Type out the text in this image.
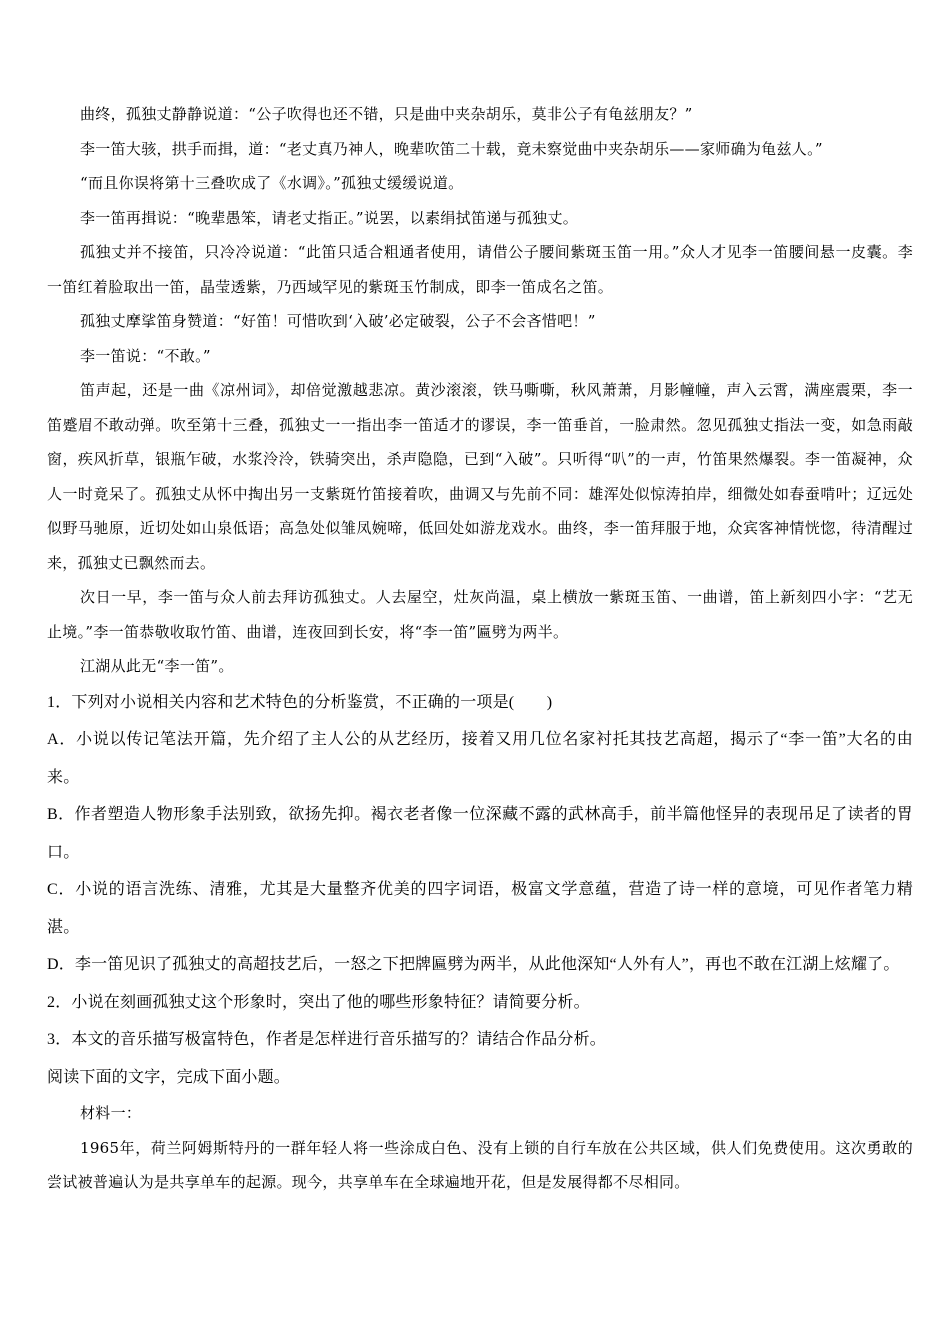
曲终，孤独丈静静说道：“公子吹得也还不错，只是曲中夹杂胡乐，莫非公子有龟兹朋友？”

李一笛大骇，拱手而揖，道：“老丈真乃神人，晚辈吹笛二十载，竟未察觉曲中夹杂胡乐——家师确为龟兹人。”

“而且你误将第十三叠吹成了《水调》。”孤独丈缓缓说道。

李一笛再揖说：“晚辈愚笨，请老丈指正。”说罢，以素绢拭笛递与孤独丈。

孤独丈并不接笛，只冷冷说道：“此笛只适合粗通者使用，请借公子腰间紫斑玉笛一用。”众人才见李一笛腰间悬一皮囊。李一笛红着脸取出一笛，晶莹透紫，乃西域罕见的紫斑玉竹制成，即李一笛成名之笛。

孤独丈摩挲笛身赞道：“好笛！可惜吹到‘入破’必定破裂，公子不会吝惜吧！”

李一笛说：“不敢。”

笛声起，还是一曲《凉州词》，却倍觉激越悲凉。黄沙滚滚，铁马嘶嘶，秋风萧萧，月影幢幢，声入云霄，满座震栗，李一笛蹙眉不敢动弹。吹至第十三叠，孤独丈一一指出李一笛适才的谬误，李一笛垂首，一脸肃然。忽见孤独丈指法一变，如急雨敲窗，疾风折草，银瓶乍破，水浆泠泠，铁骑突出，杀声隐隐，已到“入破”。只听得“叭”的一声，竹笛果然爆裂。李一笛凝神，众人一时竟呆了。孤独丈从怀中掏出另一支紫斑竹笛接着吹，曲调又与先前不同：雄浑处似惊涛拍岸，细微处如春蚕啃叶；辽远处似野马驰原，近切处如山泉低语；高急处似雏凤婉啼，低回处如游龙戏水。曲终，李一笛拜服于地，众宾客神情恍惚，待清醒过来，孤独丈已飘然而去。

次日一早，李一笛与众人前去拜访孤独丈。人去屋空，灶灰尚温，桌上横放一紫斑玉笛、一曲谱，笛上新刻四小字：“艺无止境。”李一笛恭敬收取竹笛、曲谱，连夜回到长安，将“李一笛”匾劈为两半。

江湖从此无“李一笛”。

1．下列对小说相关内容和艺术特色的分析鉴赏，不正确的一项是(　　)

A．小说以传记笔法开篇，先介绍了主人公的从艺经历，接着又用几位名家衬托其技艺高超，揭示了“李一笛”大名的由来。

B．作者塑造人物形象手法别致，欲扬先抑。褐衣老者像一位深藏不露的武林高手，前半篇他怪异的表现吊足了读者的胃口。

C．小说的语言洗练、清雅，尤其是大量整齐优美的四字词语，极富文学意蕴，营造了诗一样的意境，可见作者笔力精湛。

D．李一笛见识了孤独丈的高超技艺后，一怒之下把牌匾劈为两半，从此他深知“人外有人”，再也不敢在江湖上炫耀了。

2．小说在刻画孤独丈这个形象时，突出了他的哪些形象特征？请简要分析。

3．本文的音乐描写极富特色，作者是怎样进行音乐描写的？请结合作品分析。

阅读下面的文字，完成下面小题。

材料一：

1965年，荷兰阿姆斯特丹的一群年轻人将一些涂成白色、没有上锁的自行车放在公共区域，供人们免费使用。这次勇敢的尝试被普遍认为是共享单车的起源。现今，共享单车在全球遍地开花，但是发展得都不尽相同。
